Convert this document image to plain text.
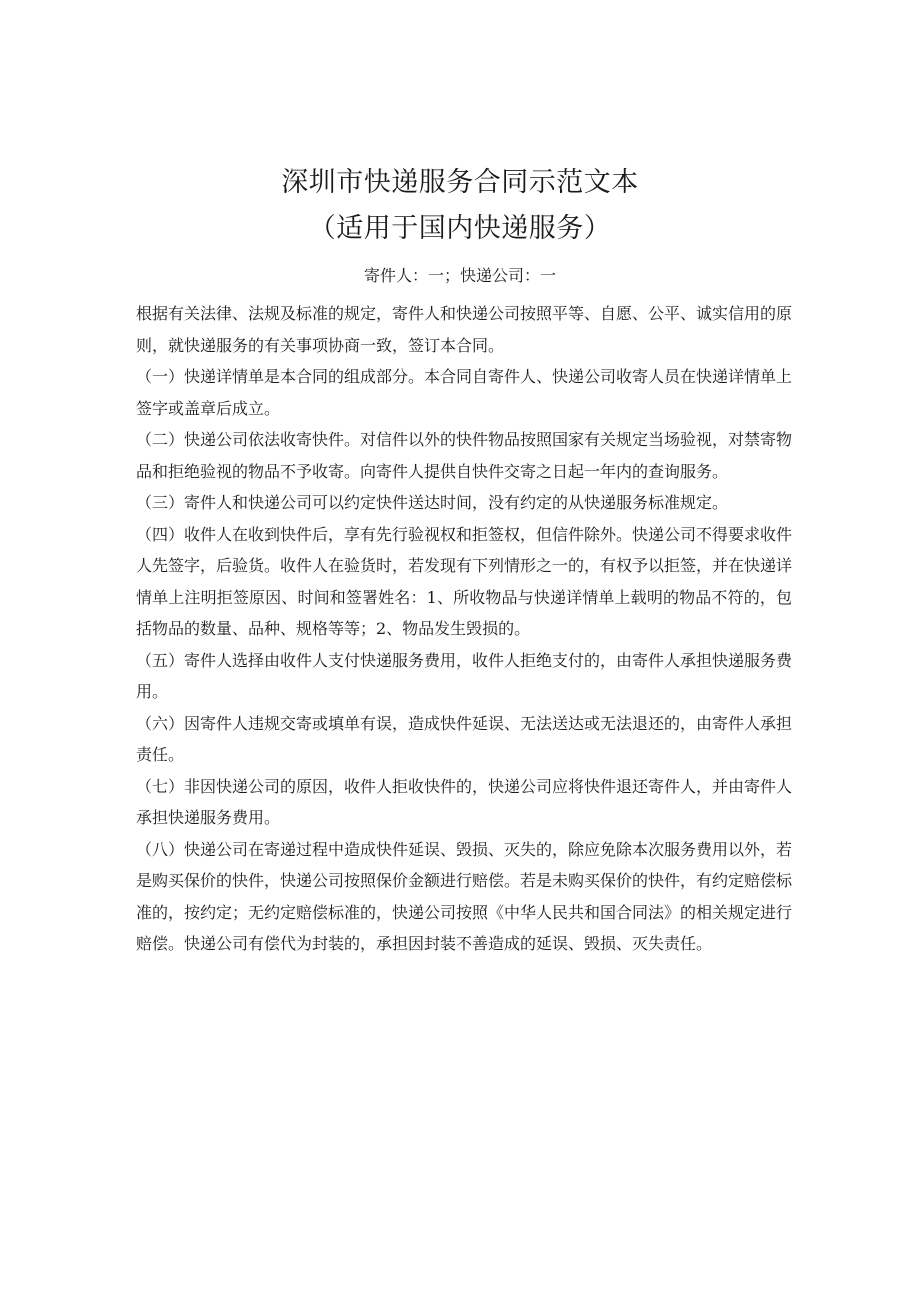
深圳市快递服务合同示范文本
（适用于国内快递服务）
寄件人：一；快递公司：一

根据有关法律、法规及标准的规定，寄件人和快递公司按照平等、自愿、公平、诚实信用的原则，就快递服务的有关事项协商一致，签订本合同。

（一）快递详情单是本合同的组成部分。本合同自寄件人、快递公司收寄人员在快递详情单上签字或盖章后成立。

（二）快递公司依法收寄快件。对信件以外的快件物品按照国家有关规定当场验视，对禁寄物品和拒绝验视的物品不予收寄。向寄件人提供自快件交寄之日起一年内的查询服务。

（三）寄件人和快递公司可以约定快件送达时间，没有约定的从快递服务标准规定。

（四）收件人在收到快件后，享有先行验视权和拒签权，但信件除外。快递公司不得要求收件人先签字，后验货。收件人在验货时，若发现有下列情形之一的，有权予以拒签，并在快递详情单上注明拒签原因、时间和签署姓名：1、所收物品与快递详情单上载明的物品不符的，包括物品的数量、品种、规格等等；2、物品发生毁损的。

（五）寄件人选择由收件人支付快递服务费用，收件人拒绝支付的，由寄件人承担快递服务费用。

（六）因寄件人违规交寄或填单有误，造成快件延误、无法送达或无法退还的，由寄件人承担责任。

（七）非因快递公司的原因，收件人拒收快件的，快递公司应将快件退还寄件人，并由寄件人承担快递服务费用。

（八）快递公司在寄递过程中造成快件延误、毁损、灭失的，除应免除本次服务费用以外，若是购买保价的快件，快递公司按照保价金额进行赔偿。若是未购买保价的快件，有约定赔偿标准的，按约定；无约定赔偿标准的，快递公司按照《中华人民共和国合同法》的相关规定进行赔偿。快递公司有偿代为封装的，承担因封装不善造成的延误、毁损、灭失责任。
